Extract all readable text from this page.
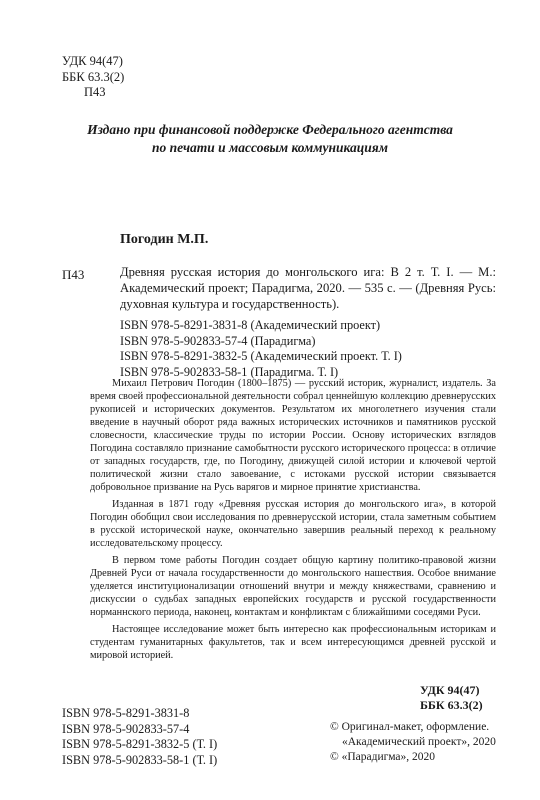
УДК 94(47)
ББК 63.3(2)
П43
Издано при финансовой поддержке Федерального агентства
по печати и массовым коммуникациям
Погодин М.П.
П43	Древняя русская история до монгольского ига: В 2 т. Т. I. — М.: Академический проект; Парадигма, 2020. — 535 с. — (Древняя Русь: духовная культура и государственность).
ISBN 978-5-8291-3831-8 (Академический проект)
ISBN 978-5-902833-57-4 (Парадигма)
ISBN 978-5-8291-3832-5 (Академический проект. Т. I)
ISBN 978-5-902833-58-1 (Парадигма. Т. I)

Михаил Петрович Погодин (1800–1875) — русский историк, журналист, издатель. За время своей профессиональной деятельности собрал ценнейшую коллекцию древнерусских рукописей и исторических документов. Результатом их многолетнего изучения стали введение в научный оборот ряда важных исторических источников и памятников русской словесности, классические труды по истории России. Основу исторических взглядов Погодина составляло признание самобытности русского исторического процесса: в отличие от западных государств, где, по Погодину, движущей силой истории и ключевой чертой политической жизни стало завоевание, с истоками русской истории связывается добровольное призвание на Русь варягов и мирное принятие христианства.

Изданная в 1871 году «Древняя русская история до монгольского ига», в которой Погодин обобщил свои исследования по древнерусской истории, стала заметным событием в русской исторической науке, окончательно завершив реальный переход к реальному исследовательскому процессу.

В первом томе работы Погодин создает общую картину политико-правовой жизни Древней Руси от начала государственности до монгольского нашествия. Особое внимание уделяется институционализации отношений внутри и между княжествами, сравнению и дискуссии о судьбах западных европейских государств и русской государственности норманнского периода, наконец, контактам и конфликтам с ближайшими соседями Руси.

Настоящее исследование может быть интересно как профессиональным историкам и студентам гуманитарных факультетов, так и всем интересующимся древней русской и мировой историей.

УДК 94(47)
ББК 63.3(2)
ISBN 978-5-8291-3831-8
ISBN 978-5-902833-57-4
ISBN 978-5-8291-3832-5 (Т. I)
ISBN 978-5-902833-58-1 (Т. I)
© Оригинал-макет, оформление.
«Академический проект», 2020
© «Парадигма», 2020
